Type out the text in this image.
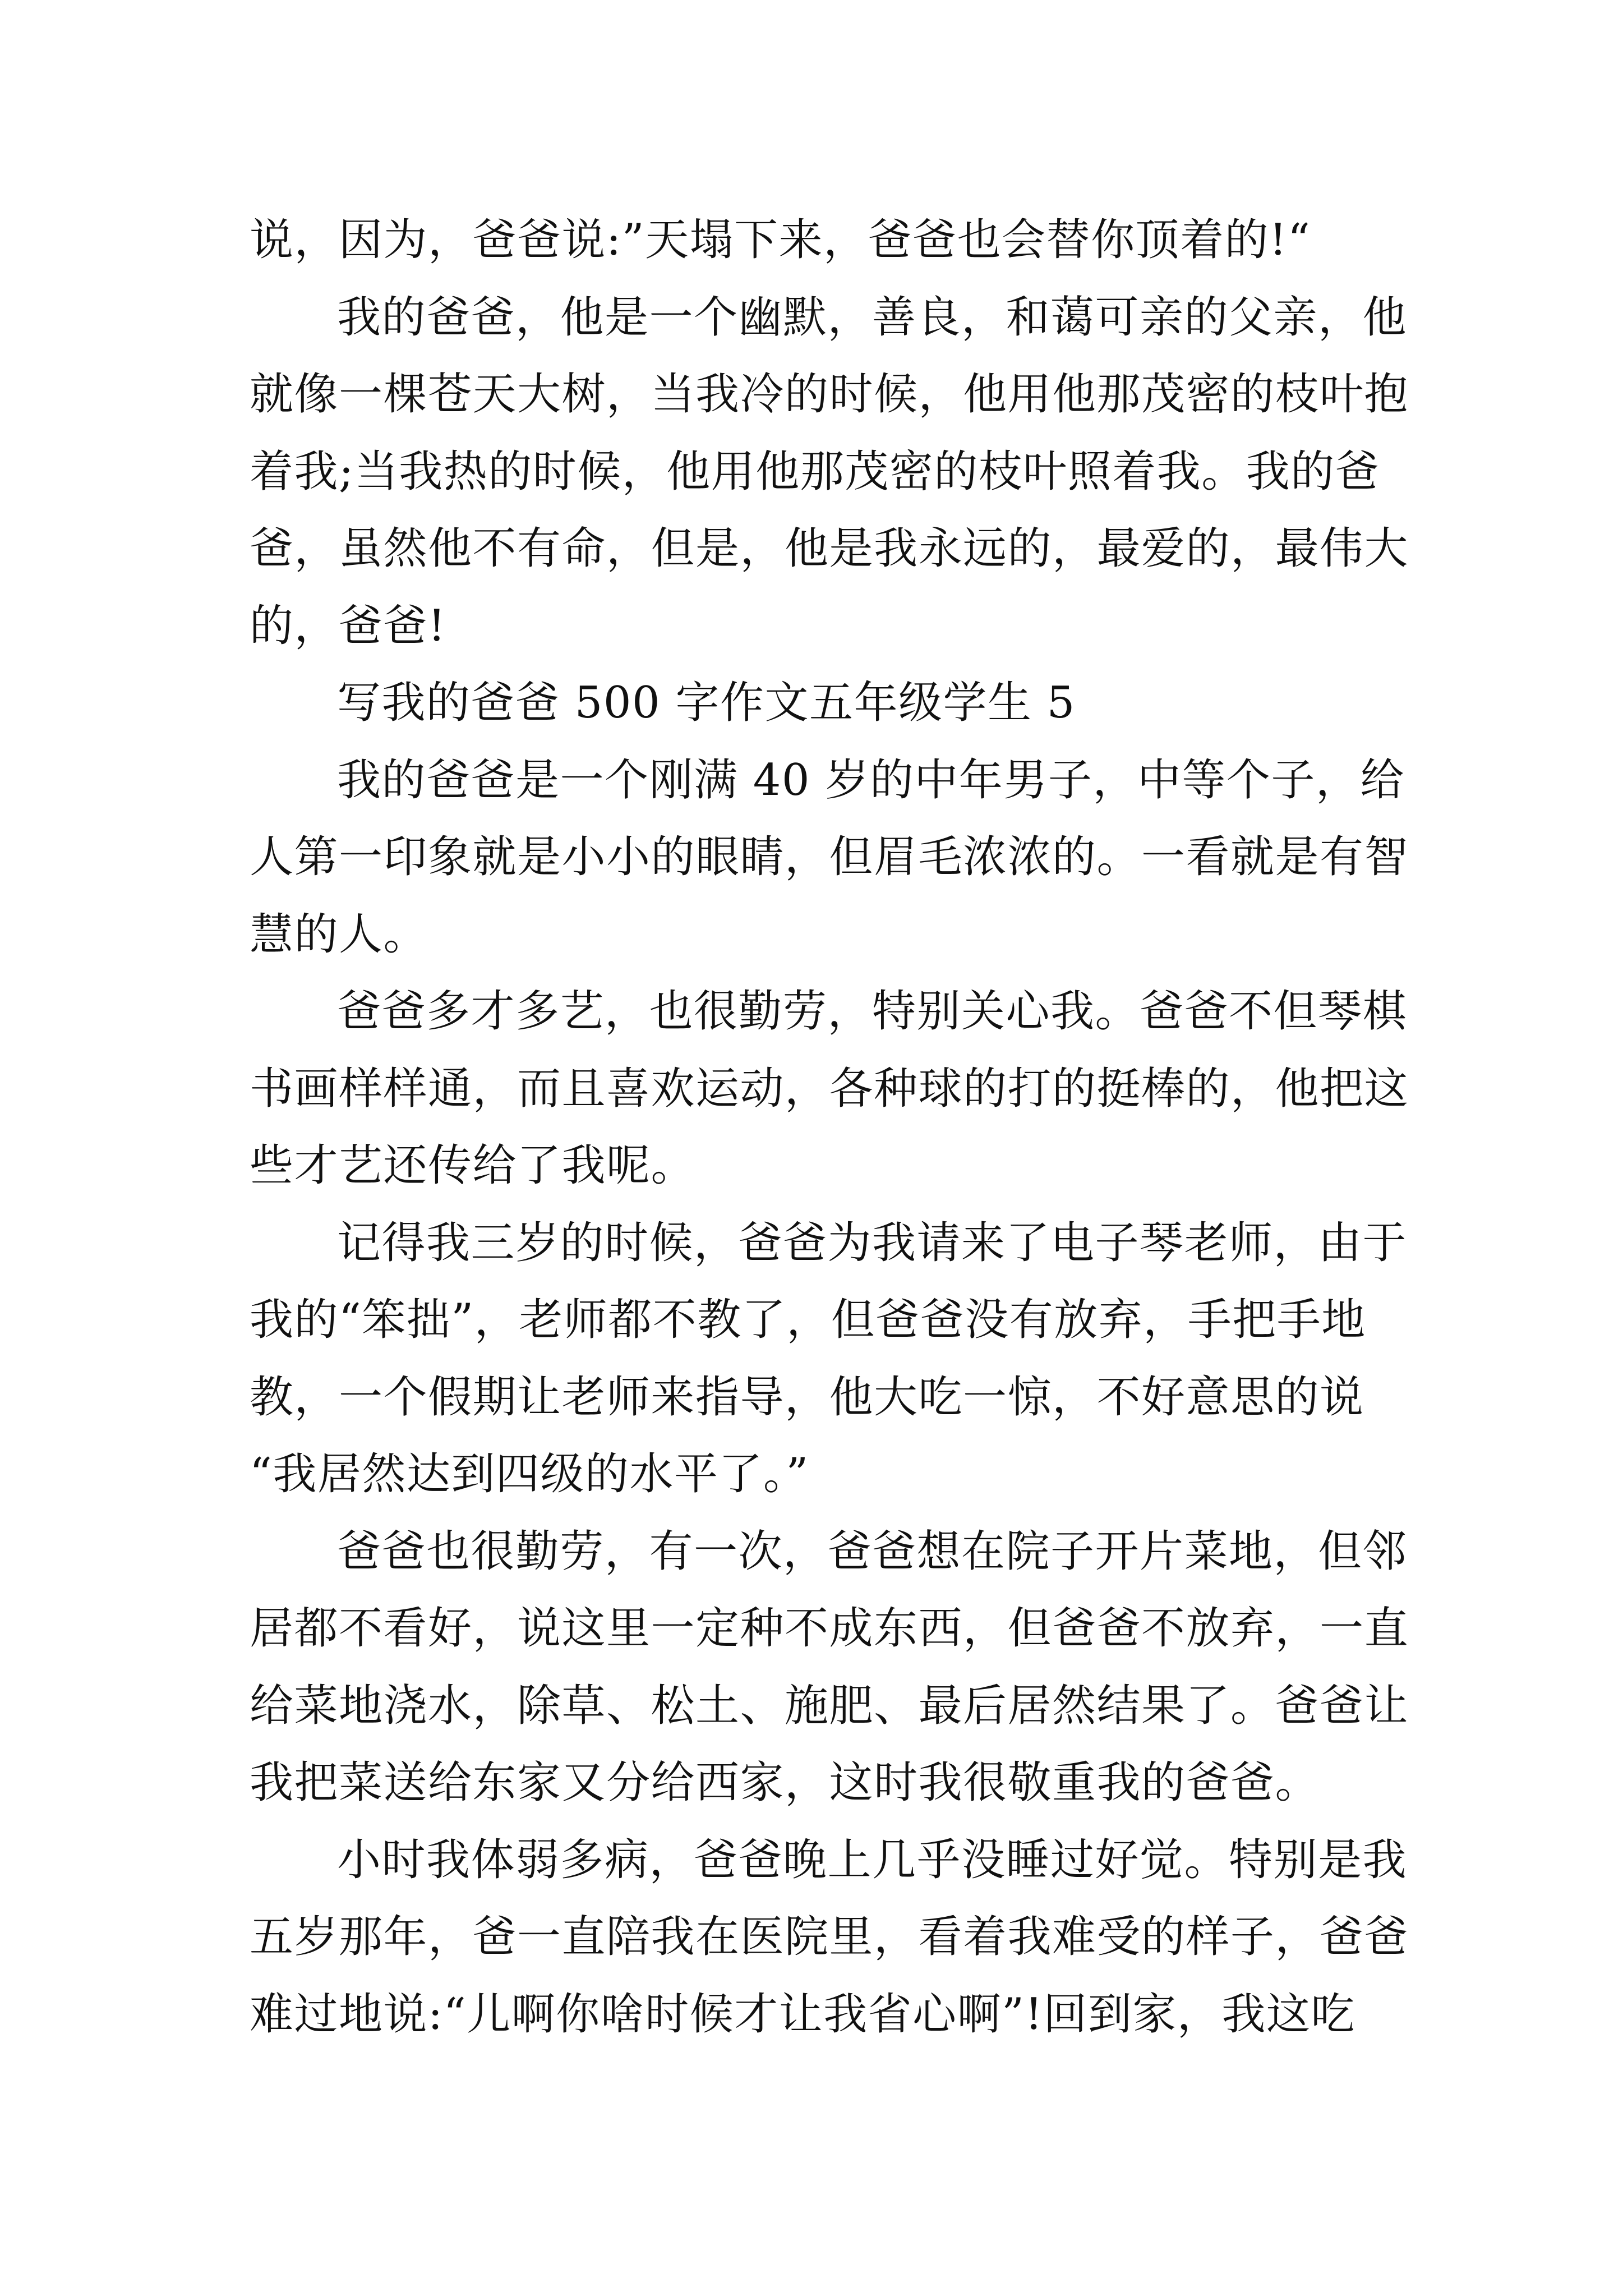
说，因为，爸爸说:”天塌下来，爸爸也会替你顶着的!“
我的爸爸，他是一个幽默，善良，和蔼可亲的父亲，他
就像一棵苍天大树，当我冷的时候，他用他那茂密的枝叶抱
着我;当我热的时候，他用他那茂密的枝叶照着我。我的爸
爸，虽然他不有命，但是，他是我永远的，最爱的，最伟大
的，爸爸!
写我的爸爸 500 字作文五年级学生 5
我的爸爸是一个刚满 40 岁的中年男子，中等个子，给
人第一印象就是小小的眼睛，但眉毛浓浓的。一看就是有智
慧的人。
爸爸多才多艺，也很勤劳，特别关心我。爸爸不但琴棋
书画样样通，而且喜欢运动，各种球的打的挺棒的，他把这
些才艺还传给了我呢。
记得我三岁的时候，爸爸为我请来了电子琴老师，由于
我的“笨拙”，老师都不教了，但爸爸没有放弃，手把手地
教，一个假期让老师来指导，他大吃一惊，不好意思的说
“我居然达到四级的水平了。”
爸爸也很勤劳，有一次，爸爸想在院子开片菜地，但邻
居都不看好，说这里一定种不成东西，但爸爸不放弃，一直
给菜地浇水，除草、松土、施肥、最后居然结果了。爸爸让
我把菜送给东家又分给西家，这时我很敬重我的爸爸。
小时我体弱多病，爸爸晚上几乎没睡过好觉。特别是我
五岁那年，爸一直陪我在医院里，看着我难受的样子，爸爸
难过地说:“儿啊你啥时候才让我省心啊”!回到家，我这吃
